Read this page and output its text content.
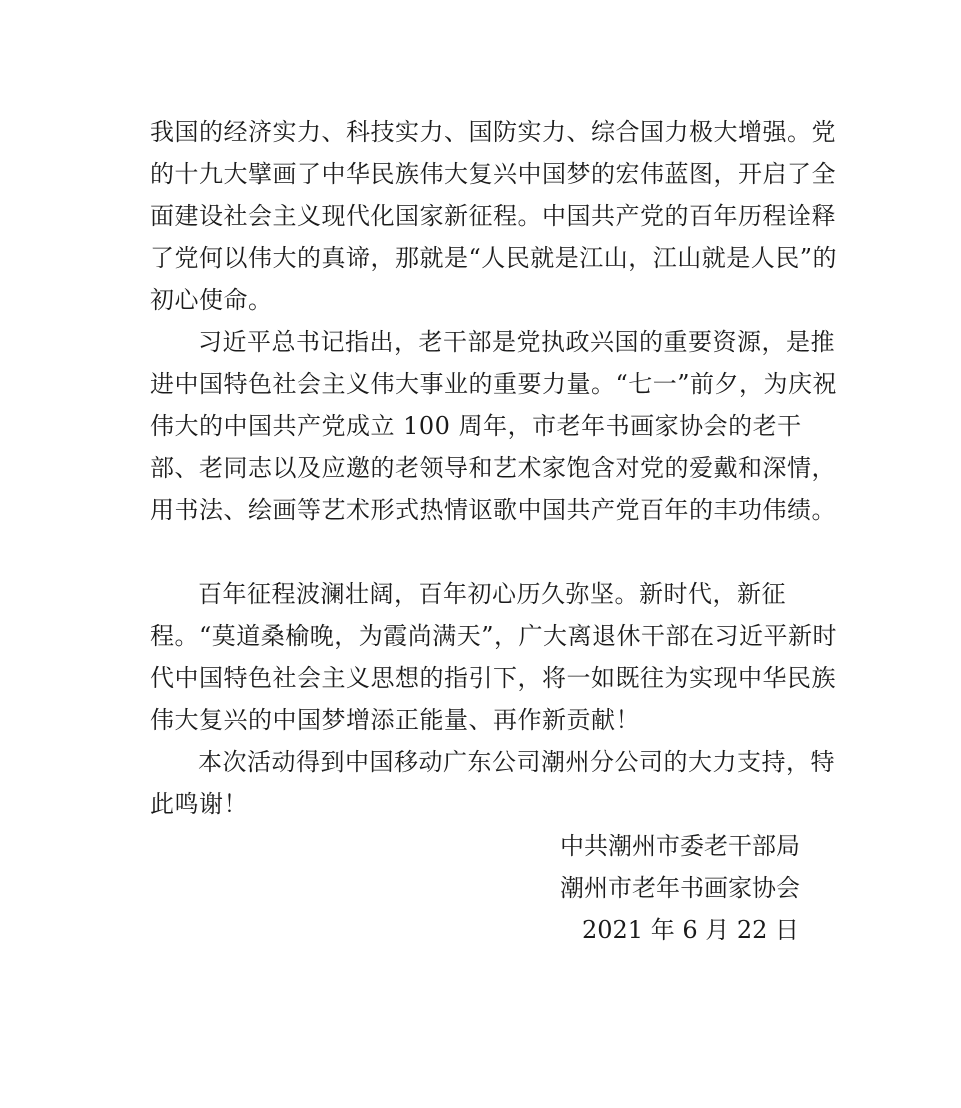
我国的经济实力、科技实力、国防实力、综合国力极大增强。党的十九大擘画了中华民族伟大复兴中国梦的宏伟蓝图，开启了全面建设社会主义现代化国家新征程。中国共产党的百年历程诠释了党何以伟大的真谛，那就是“人民就是江山，江山就是人民”的初心使命。

习近平总书记指出，老干部是党执政兴国的重要资源，是推进中国特色社会主义伟大事业的重要力量。“七一”前夕，为庆祝伟大的中国共产党成立 100 周年，市老年书画家协会的老干部、老同志以及应邀的老领导和艺术家饱含对党的爱戴和深情，用书法、绘画等艺术形式热情讴歌中国共产党百年的丰功伟绩。

百年征程波澜壮阔，百年初心历久弥坚。新时代，新征程。“莫道桑榆晚，为霞尚满天”，广大离退休干部在习近平新时代中国特色社会主义思想的指引下，将一如既往为实现中华民族伟大复兴的中国梦增添正能量、再作新贡献！

本次活动得到中国移动广东公司潮州分公司的大力支持，特此鸣谢！

中共潮州市委老干部局

潮州市老年书画家协会

2021 年 6 月 22 日
